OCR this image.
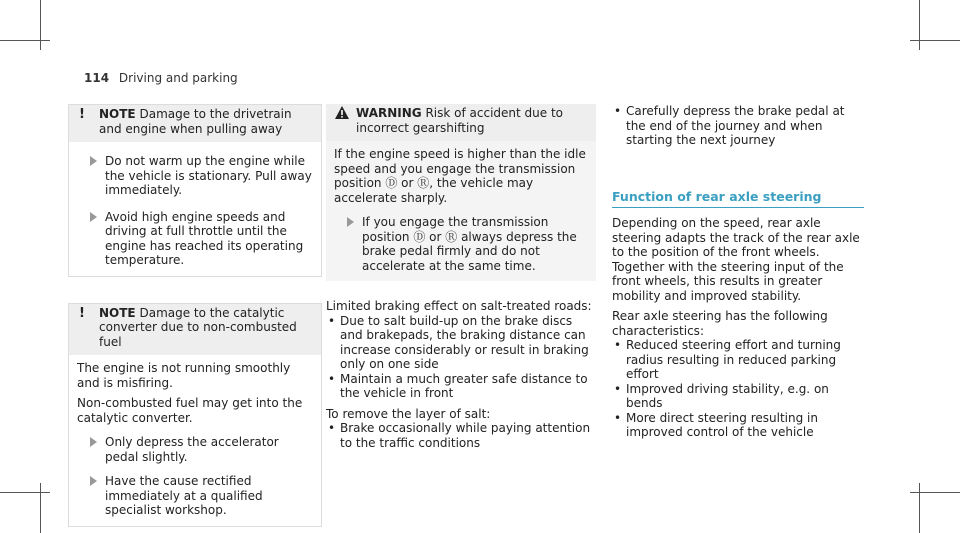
114 Driving and parking
!	NOTE Damage to the drivetrain and engine when pulling away
Do not warm up the engine while the vehicle is stationary. Pull away immediately.
Avoid high engine speeds and driving at full throttle until the engine has reached its operating temperature.
!	NOTE Damage to the catalytic converter due to non-combusted fuel
The engine is not running smoothly and is misfiring.
Non-combusted fuel may get into the catalytic converter.
Only depress the accelerator pedal slightly.
Have the cause rectified immediately at a qualified specialist workshop.
WARNING Risk of accident due to incorrect gearshifting
If the engine speed is higher than the idle speed and you engage the transmission position Ⓓ or Ⓡ, the vehicle may accelerate sharply.
If you engage the transmission position Ⓓ or Ⓡ always depress the brake pedal firmly and do not accelerate at the same time.
Limited braking effect on salt-treated roads:
• Due to salt build-up on the brake discs and brakepads, the braking distance can increase considerably or result in braking only on one side
• Maintain a much greater safe distance to the vehicle in front
To remove the layer of salt:
• Brake occasionally while paying attention to the traffic conditions
• Carefully depress the brake pedal at the end of the journey and when starting the next journey
Function of rear axle steering
Depending on the speed, rear axle steering adapts the track of the rear axle to the position of the front wheels. Together with the steering input of the front wheels, this results in greater mobility and improved stability.
Rear axle steering has the following characteristics:
• Reduced steering effort and turning radius resulting in reduced parking effort
• Improved driving stability, e.g. on bends
• More direct steering resulting in improved control of the vehicle
